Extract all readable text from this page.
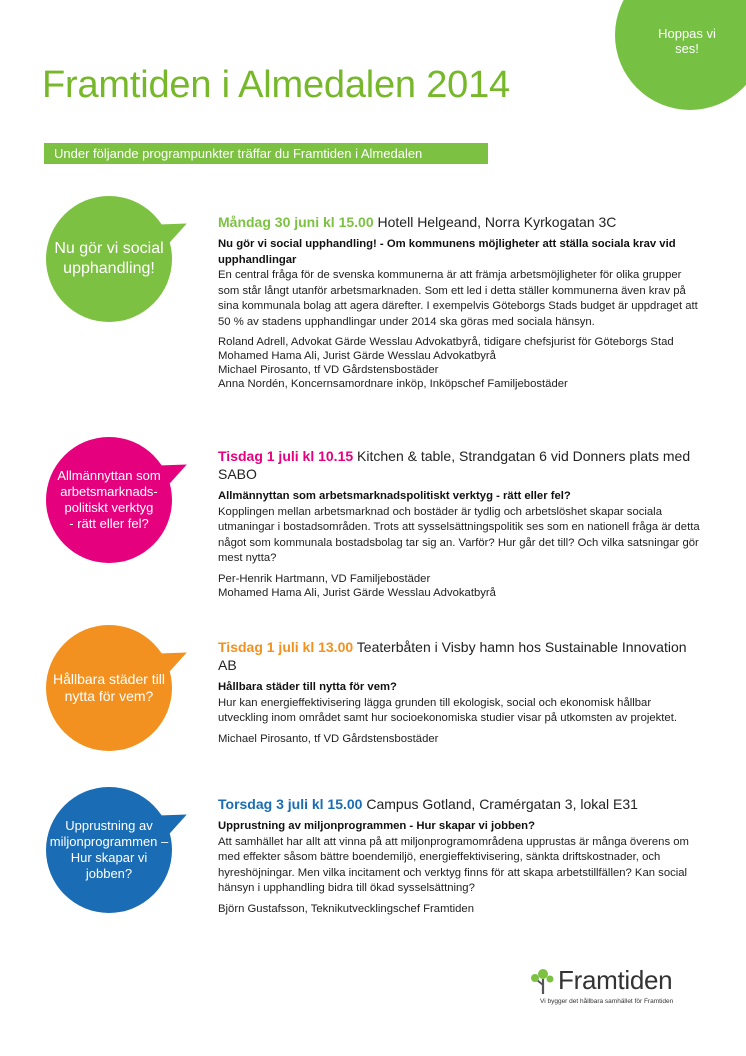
Hoppas vi
ses!
Framtiden i Almedalen 2014
Under följande programpunkter träffar du Framtiden i Almedalen
Nu gör vi social
upphandling!
Måndag 30 juni kl 15.00 Hotell Helgeand, Norra Kyrkogatan 3C
Nu gör vi social upphandling! - Om kommunens möjligheter att ställa sociala krav vid upphandlingar

En central fråga för de svenska kommunerna är att främja arbetsmöjligheter för olika grupper som står långt utanför arbetsmarknaden. Som ett led i detta ställer kommunerna även krav på sina kommunala bolag att agera därefter. I exempelvis Göteborgs Stads budget är uppdraget att 50 % av stadens upphandlingar under 2014 ska göras med sociala hänsyn.

Roland Adrell, Advokat Gärde Wesslau Advokatbyrå, tidigare chefsjurist för Göteborgs Stad
Mohamed Hama Ali, Jurist Gärde Wesslau Advokatbyrå
Michael Pirosanto, tf VD Gårdstensbostäder
Anna Nordén, Koncernsamordnare inköp, Inköpschef Familjebostäder
Allmännyttan som
arbetsmarknads-
politiskt verktyg
- rätt eller fel?
Tisdag 1 juli kl 10.15 Kitchen & table, Strandgatan 6 vid Donners plats med SABO
Allmännyttan som arbetsmarknadspolitiskt verktyg - rätt eller fel?

Kopplingen mellan arbetsmarknad och bostäder är tydlig och arbetslöshet skapar sociala utmaningar i bostadsområden. Trots att sysselsättningspolitik ses som en nationell fråga är detta något som kommunala bostadsbolag tar sig an. Varför? Hur går det till? Och vilka satsningar gör mest nytta?

Per-Henrik Hartmann, VD Familjebostäder
Mohamed Hama Ali, Jurist Gärde Wesslau Advokatbyrå
Hållbara städer till
nytta för vem?
Tisdag 1 juli kl 13.00 Teaterbåten i Visby hamn hos Sustainable Innovation AB
Hållbara städer till nytta för vem?

Hur kan energieffektivisering lägga grunden till ekologisk, social och ekonomisk hållbar utveckling inom området samt hur socioekonomiska studier visar på utkomsten av projektet.

Michael Pirosanto, tf VD Gårdstensbostäder
Upprustning av
miljonprogrammen –
Hur skapar vi
jobben?
Torsdag 3 juli kl 15.00 Campus Gotland, Cramérgatan 3, lokal E31
Upprustning av miljonprogrammen - Hur skapar vi jobben?

Att samhället har allt att vinna på att miljonprogramområdena upprustas är många överens om med effekter såsom bättre boendemiljö, energieffektivisering, sänkta driftskostnader, och hyreshöjningar. Men vilka incitament och verktyg finns för att skapa arbetstillfällen? Kan social hänsyn i upphandling bidra till ökad sysselsättning?

Björn Gustafsson, Teknikutvecklingschef Framtiden
Framtiden
Vi bygger det hållbara samhället för Framtiden
